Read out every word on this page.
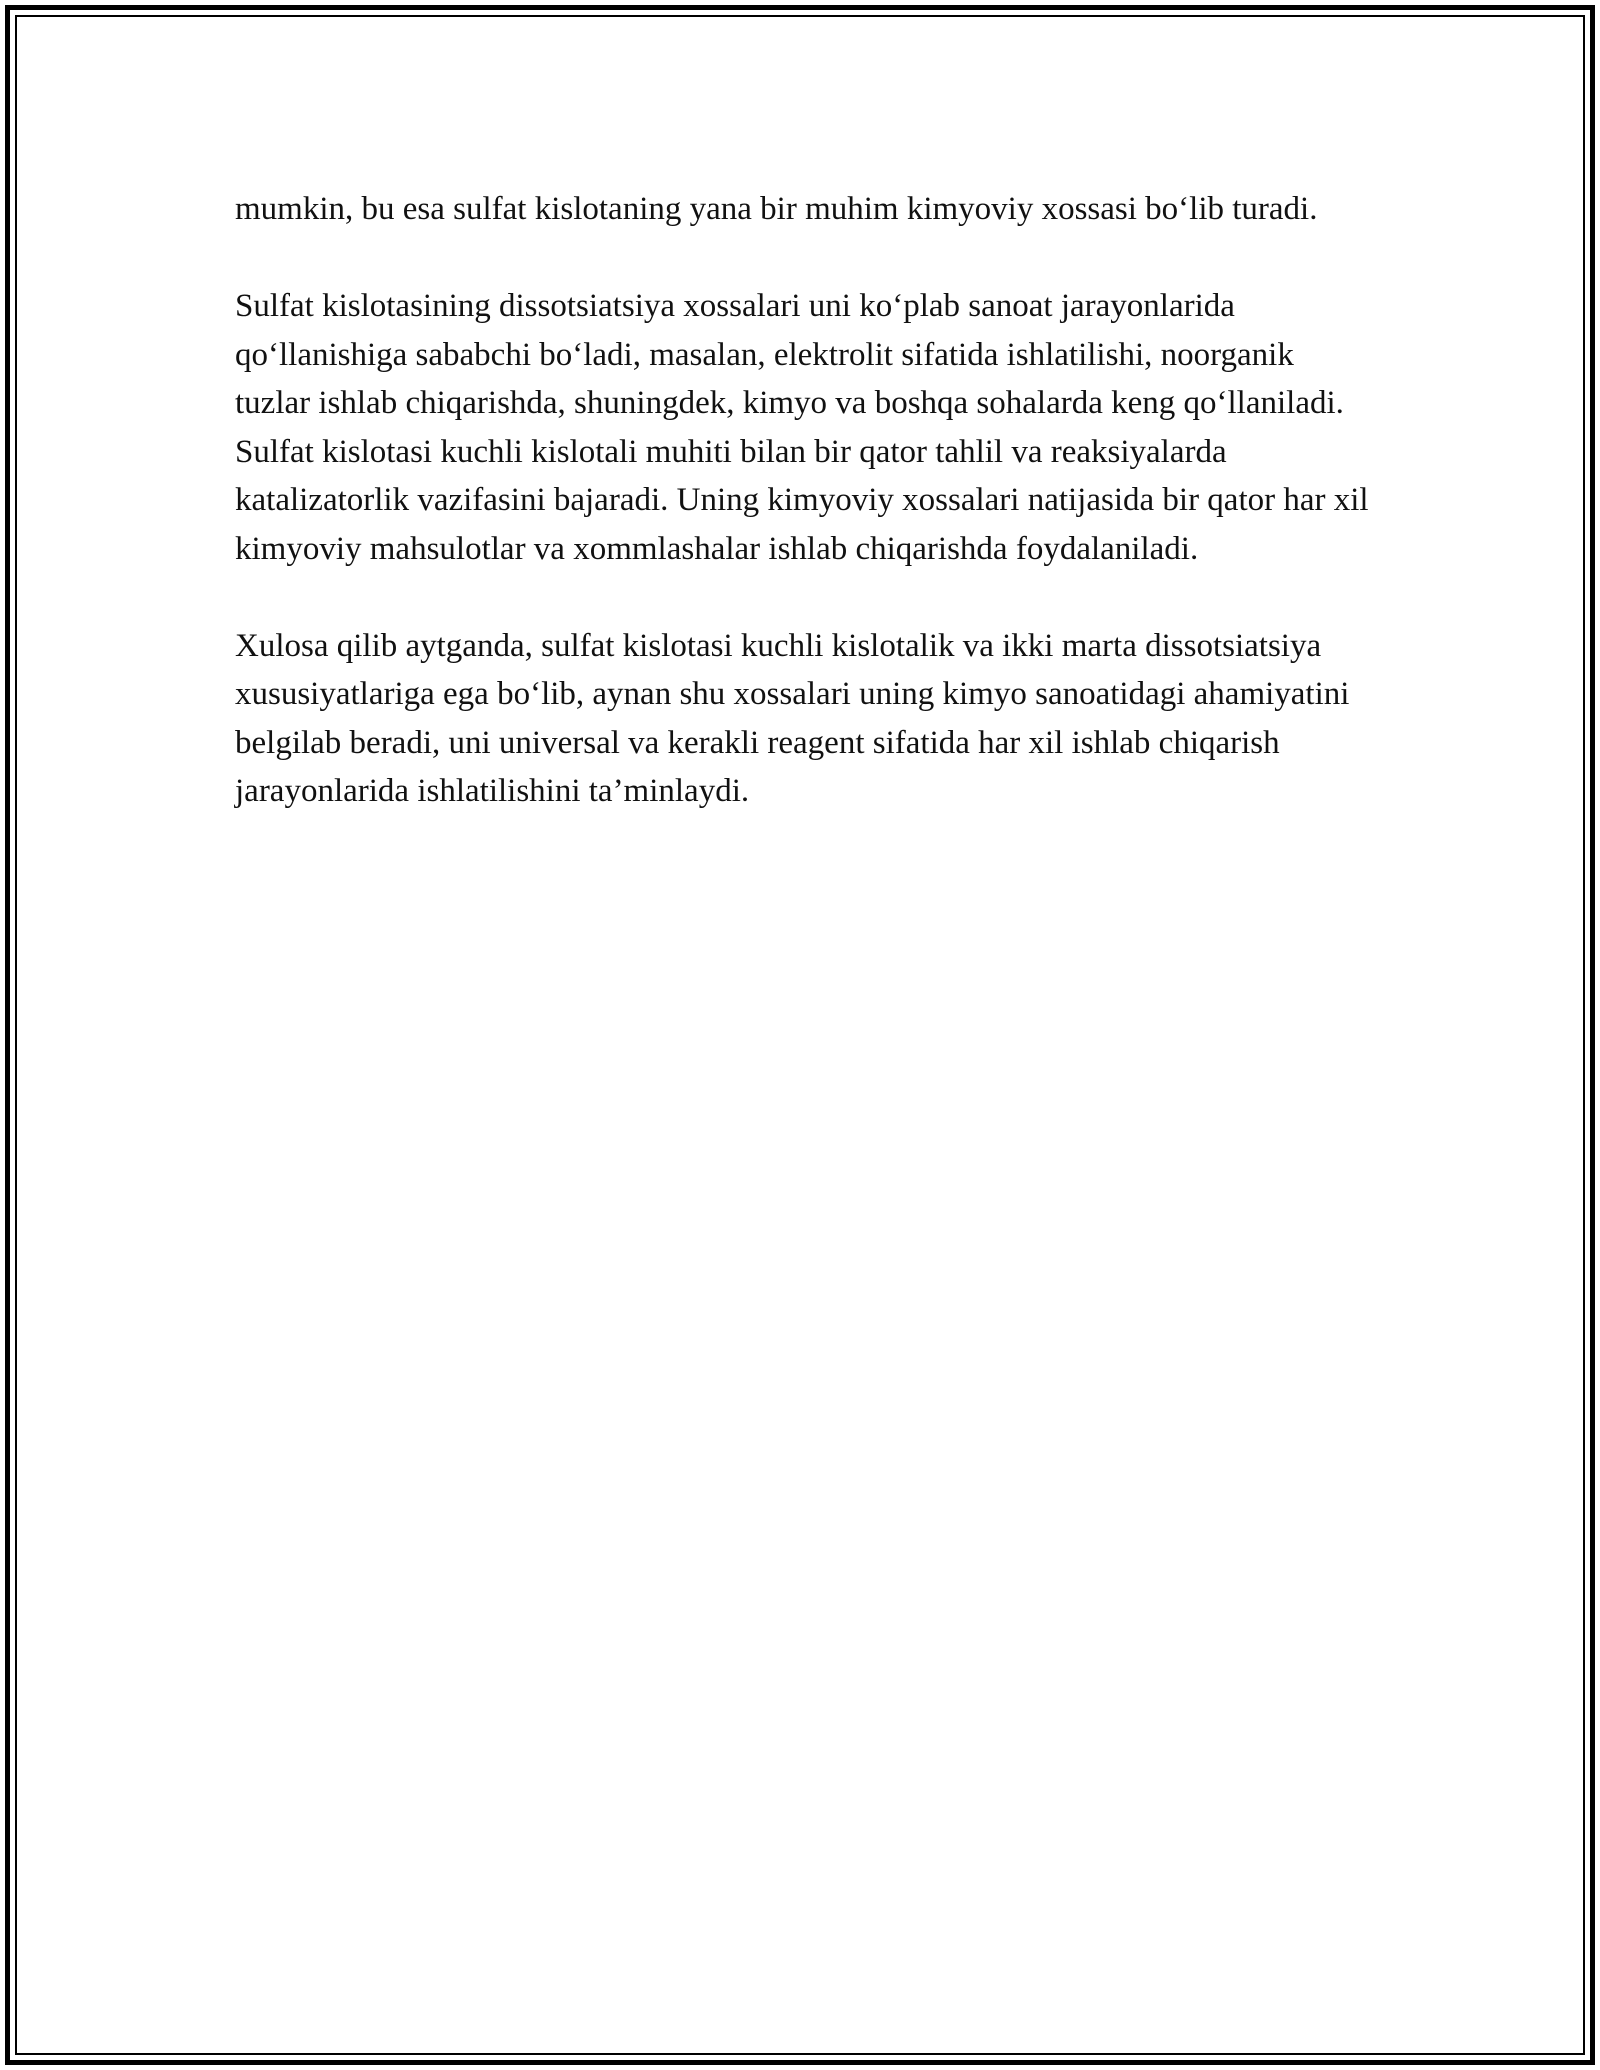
mumkin, bu esa sulfat kislotaning yana bir muhim kimyoviy xossasi bo‘lib turadi.

Sulfat kislotasining dissotsiatsiya xossalari uni ko‘plab sanoat jarayonlarida qo‘llanishiga sababchi bo‘ladi, masalan, elektrolit sifatida ishlatilishi, noorganik tuzlar ishlab chiqarishda, shuningdek, kimyo va boshqa sohalarda keng qo‘llaniladi. Sulfat kislotasi kuchli kislotali muhiti bilan bir qator tahlil va reaksiyalarda katalizatorlik vazifasini bajaradi. Uning kimyoviy xossalari natijasida bir qator har xil kimyoviy mahsulotlar va xommlashalar ishlab chiqarishda foydalaniladi.

Xulosa qilib aytganda, sulfat kislotasi kuchli kislotalik va ikki marta dissotsiatsiya xususiyatlariga ega bo‘lib, aynan shu xossalari uning kimyo sanoatidagi ahamiyatini belgilab beradi, uni universal va kerakli reagent sifatida har xil ishlab chiqarish jarayonlarida ishlatilishini ta’minlaydi.
